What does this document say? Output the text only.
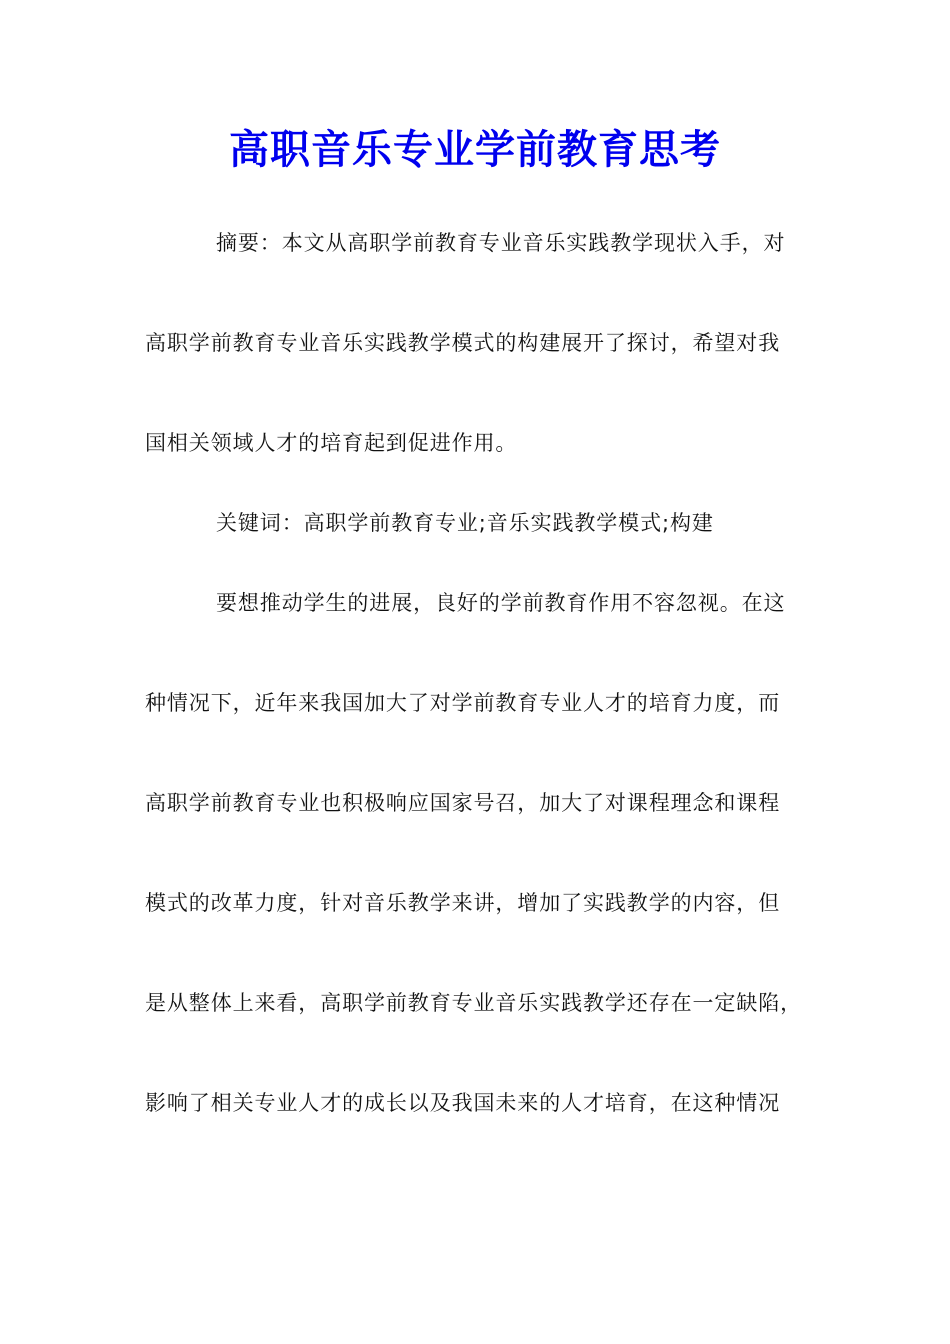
高职音乐专业学前教育思考
摘要：本文从高职学前教育专业音乐实践教学现状入手，对
高职学前教育专业音乐实践教学模式的构建展开了探讨，希望对我
国相关领域人才的培育起到促进作用。
关键词：高职学前教育专业;音乐实践教学模式;构建
要想推动学生的进展，良好的学前教育作用不容忽视。在这
种情况下，近年来我国加大了对学前教育专业人才的培育力度，而
高职学前教育专业也积极响应国家号召，加大了对课程理念和课程
模式的改革力度，针对音乐教学来讲，增加了实践教学的内容，但
是从整体上来看，高职学前教育专业音乐实践教学还存在一定缺陷，
影响了相关专业人才的成长以及我国未来的人才培育，在这种情况
